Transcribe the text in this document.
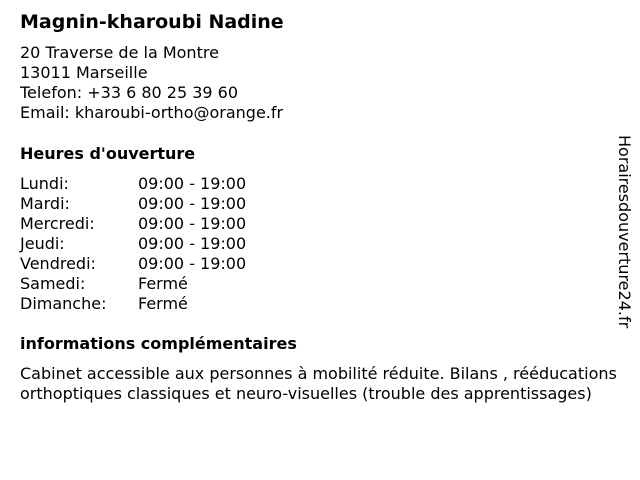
Magnin-kharoubi Nadine
20 Traverse de la Montre
13011 Marseille
Telefon: +33 6 80 25 39 60
Email: kharoubi-ortho@orange.fr
Heures d'ouverture
Lundi:	09:00 - 19:00
Mardi:	09:00 - 19:00
Mercredi:	09:00 - 19:00
Jeudi:	09:00 - 19:00
Vendredi:	09:00 - 19:00
Samedi:	Fermé
Dimanche: Fermé
informations complémentaires
Cabinet accessible aux personnes à mobilité réduite. Bilans , rééducations orthoptiques classiques et neuro-visuelles (trouble des apprentissages)
Horairesdouverture24.fr
